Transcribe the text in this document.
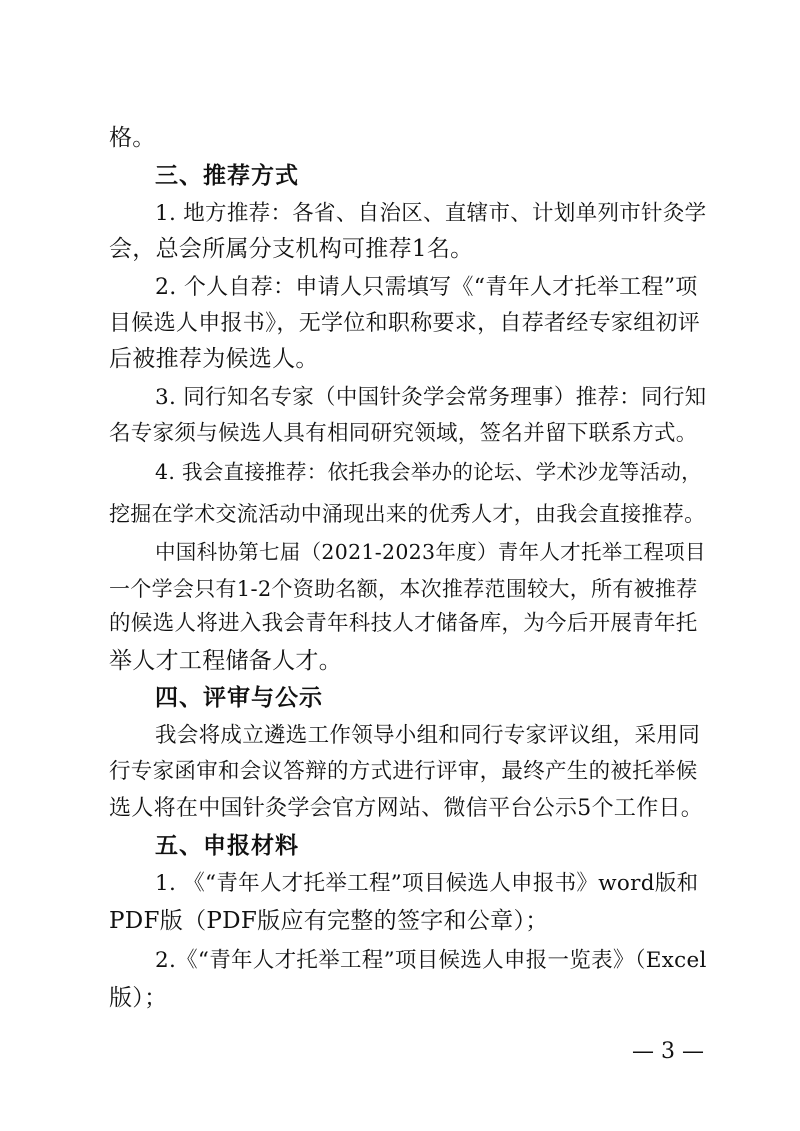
格。
三、推荐方式
1. 地方推荐：各省、自治区、直辖市、计划单列市针灸学
会，总会所属分支机构可推荐1名。
2. 个人自荐：申请人只需填写《“青年人才托举工程”项
目候选人申报书》，无学位和职称要求，自荐者经专家组初评
后被推荐为候选人。
3. 同行知名专家（中国针灸学会常务理事）推荐：同行知
名专家须与候选人具有相同研究领域，签名并留下联系方式。
4. 我会直接推荐：依托我会举办的论坛、学术沙龙等活动，
挖掘在学术交流活动中涌现出来的优秀人才，由我会直接推荐。
中国科协第七届（2021-2023年度）青年人才托举工程项目
一个学会只有1-2个资助名额，本次推荐范围较大，所有被推荐
的候选人将进入我会青年科技人才储备库，为今后开展青年托
举人才工程储备人才。
四、评审与公示
我会将成立遴选工作领导小组和同行专家评议组，采用同
行专家函审和会议答辩的方式进行评审，最终产生的被托举候
选人将在中国针灸学会官方网站、微信平台公示5个工作日。
五、申报材料
1. 《“青年人才托举工程”项目候选人申报书》word版和
PDF版（PDF版应有完整的签字和公章）；
2.《“青年人才托举工程”项目候选人申报一览表》（Excel
版）；
— 3 —
